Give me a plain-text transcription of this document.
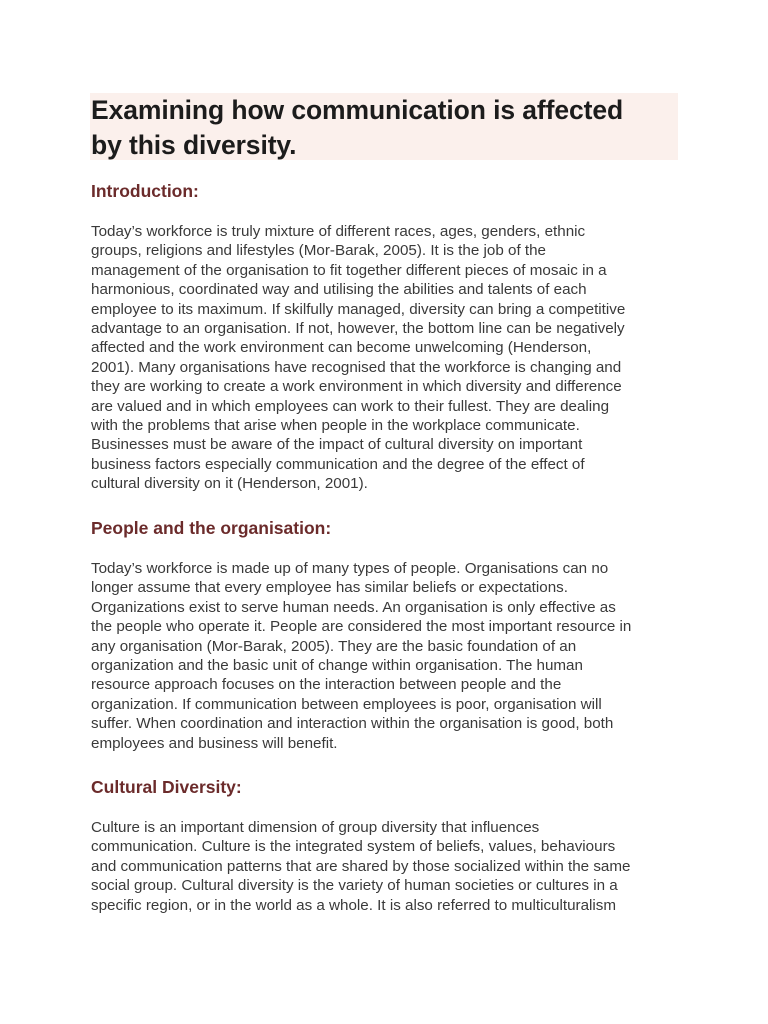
Examining how communication is affected
by this diversity.
Introduction:

Today’s workforce is truly mixture of different races, ages, genders, ethnic
groups, religions and lifestyles (Mor-Barak, 2005). It is the job of the
management of the organisation to fit together different pieces of mosaic in a
harmonious, coordinated way and utilising the abilities and talents of each
employee to its maximum. If skilfully managed, diversity can bring a competitive
advantage to an organisation. If not, however, the bottom line can be negatively
affected and the work environment can become unwelcoming (Henderson,
2001). Many organisations have recognised that the workforce is changing and
they are working to create a work environment in which diversity and difference
are valued and in which employees can work to their fullest. They are dealing
with the problems that arise when people in the workplace communicate.
Businesses must be aware of the impact of cultural diversity on important
business factors especially communication and the degree of the effect of
cultural diversity on it (Henderson, 2001).

People and the organisation:

Today’s workforce is made up of many types of people. Organisations can no
longer assume that every employee has similar beliefs or expectations.
Organizations exist to serve human needs. An organisation is only effective as
the people who operate it. People are considered the most important resource in
any organisation (Mor-Barak, 2005). They are the basic foundation of an
organization and the basic unit of change within organisation. The human
resource approach focuses on the interaction between people and the
organization. If communication between employees is poor, organisation will
suffer. When coordination and interaction within the organisation is good, both
employees and business will benefit.

Cultural Diversity:

Culture is an important dimension of group diversity that influences
communication. Culture is the integrated system of beliefs, values, behaviours
and communication patterns that are shared by those socialized within the same
social group. Cultural diversity is the variety of human societies or cultures in a
specific region, or in the world as a whole. It is also referred to multiculturalism
